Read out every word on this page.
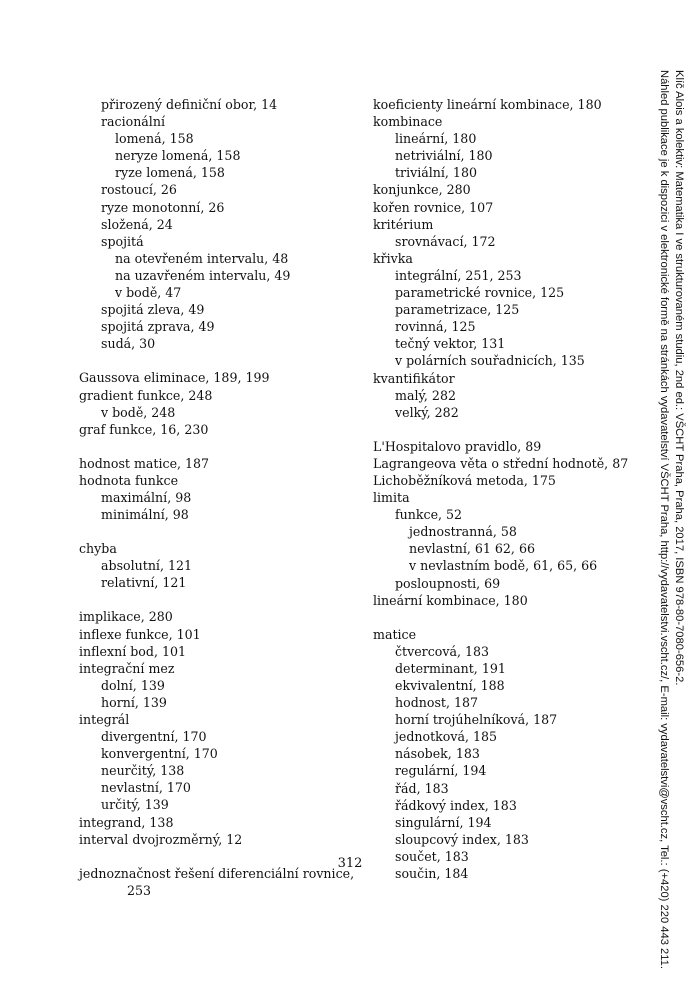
přirozený definiční obor, 14
racionální
lomená, 158
neryze lomená, 158
ryze lomená, 158
rostoucí, 26
ryze monotonní, 26
složená, 24
spojitá
na otevřeném intervalu, 48
na uzavřeném intervalu, 49
v bodě, 47
spojitá zleva, 49
spojitá zprava, 49
sudá, 30
Gaussova eliminace, 189, 199
gradient funkce, 248
v bodě, 248
graf funkce, 16, 230
hodnost matice, 187
hodnota funkce
maximální, 98
minimální, 98
chyba
absolutní, 121
relativní, 121
implikace, 280
inflexe funkce, 101
inflexní bod, 101
integrační mez
dolní, 139
horní, 139
integrál
divergentní, 170
konvergentní, 170
neurčitý, 138
nevlastní, 170
určitý, 139
integrand, 138
interval dvojrozměrný, 12
jednoznačnost řešení diferenciální rovnice,
253
koeficienty lineární kombinace, 180
kombinace
lineární, 180
netriviální, 180
triviální, 180
konjunkce, 280
kořen rovnice, 107
kritérium
srovnávací, 172
křivka
integrální, 251, 253
parametrické rovnice, 125
parametrizace, 125
rovinná, 125
tečný vektor, 131
v polárních souřadnicích, 135
kvantifikátor
malý, 282
velký, 282
L'Hospitalovo pravidlo, 89
Lagrangeova věta o střední hodnotě, 87
Lichoběžníková metoda, 175
limita
funkce, 52
jednostranná, 58
nevlastní, 61 62, 66
v nevlastním bodě, 61, 65, 66
posloupnosti, 69
lineární kombinace, 180
matice
čtvercová, 183
determinant, 191
ekvivalentní, 188
hodnost, 187
horní trojúhelníková, 187
jednotková, 185
násobek, 183
regulární, 194
řád, 183
řádkový index, 183
singulární, 194
sloupcový index, 183
součet, 183
součin, 184
312
Klíč Alois a kolektiv: Matematika I ve strukturovaném studiu, 2nd ed.: VŠCHT Praha, Praha, 2017, ISBN 978-80-7080-656-2.
Náhled publikace je k dispozici v elektronické formě na stránkách vydavatelství VŠCHT Praha, http://vydavatelstvi.vscht.cz/, E-mail: vydavatelstvi@vscht.cz, Tel.: (+420) 220 443 211.
